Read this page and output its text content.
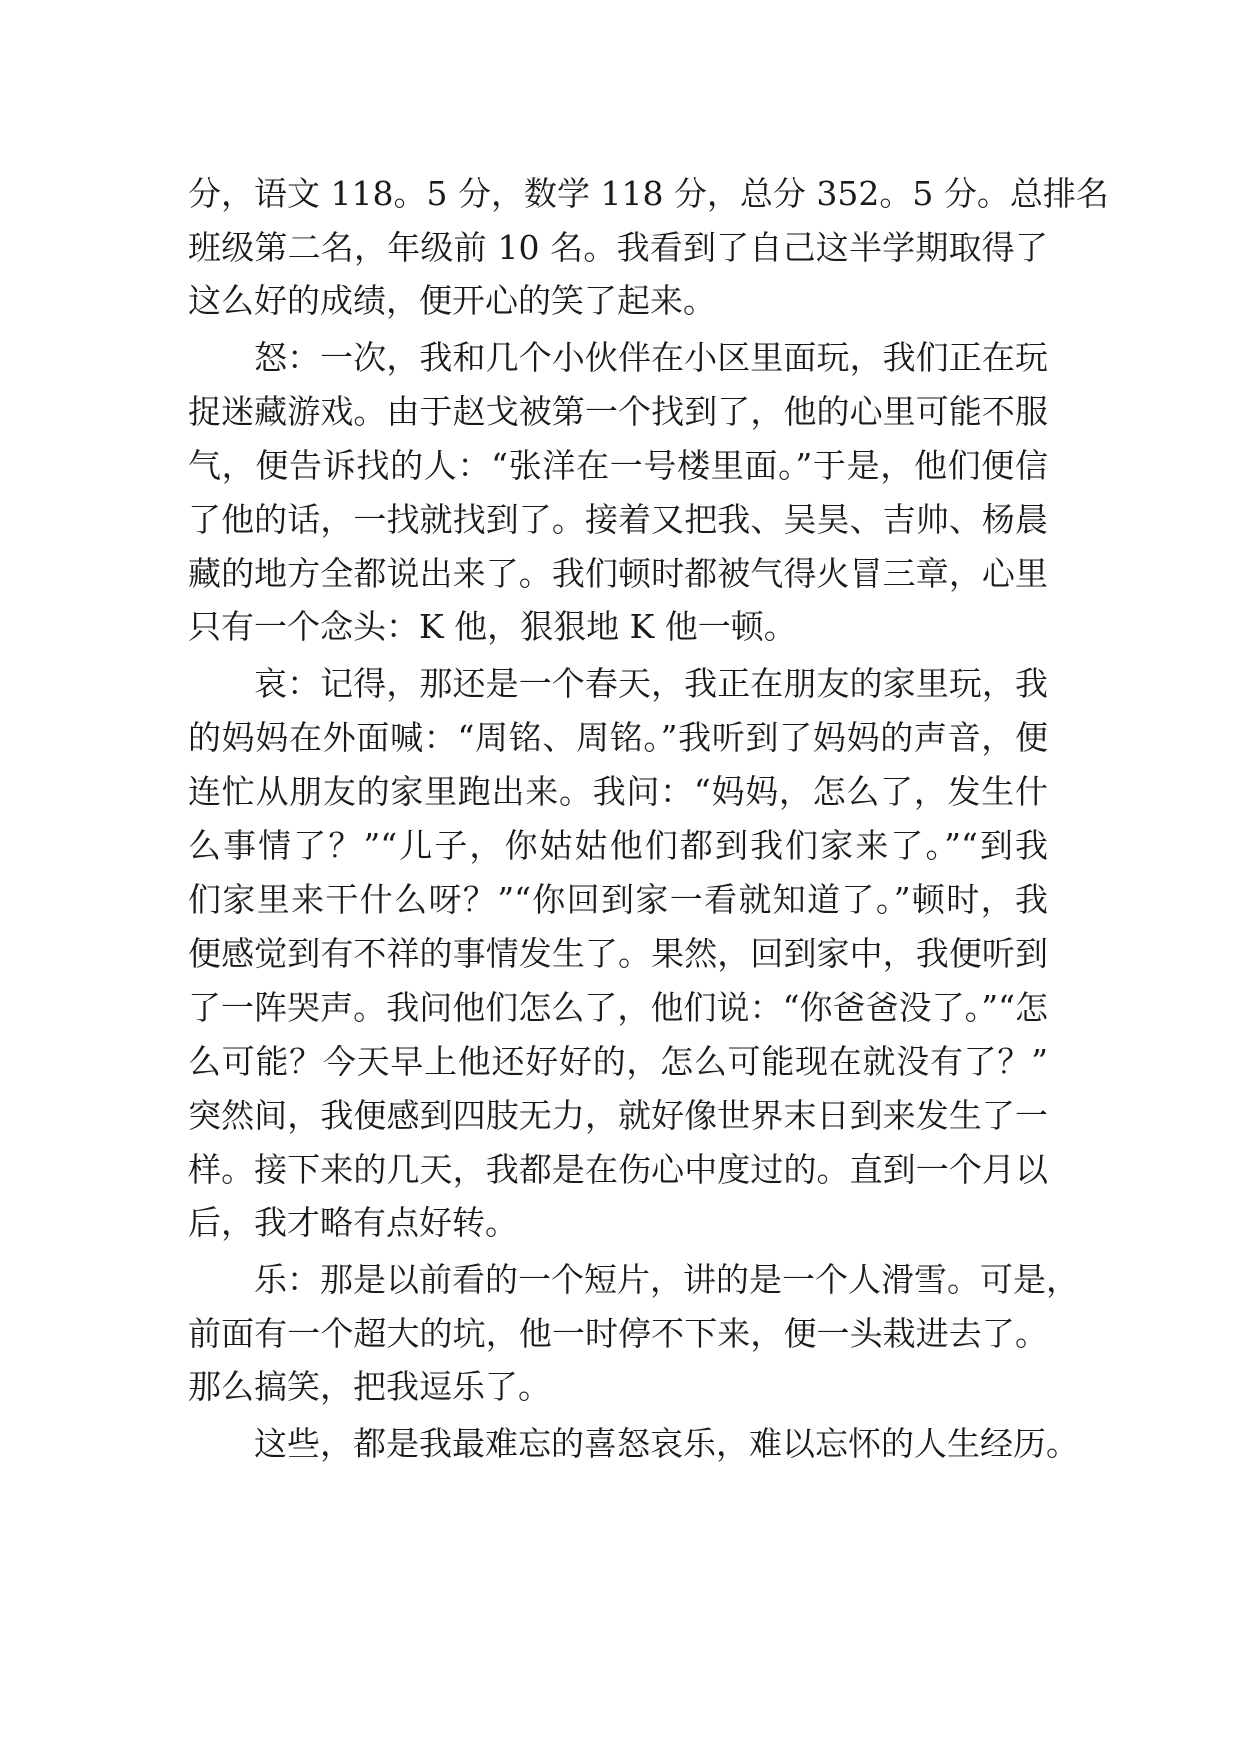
分，语文 118。5 分，数学 118 分，总分 352。5 分。总排名
班级第二名，年级前 10 名。我看到了自己这半学期取得了
这么好的成绩，便开心的笑了起来。
怒：一次，我和几个小伙伴在小区里面玩，我们正在玩
捉迷藏游戏。由于赵戈被第一个找到了，他的心里可能不服
气，便告诉找的人：“张洋在一号楼里面。”于是，他们便信
了他的话，一找就找到了。接着又把我、吴昊、吉帅、杨晨
藏的地方全都说出来了。我们顿时都被气得火冒三章，心里
只有一个念头：K 他，狠狠地 K 他一顿。
哀：记得，那还是一个春天，我正在朋友的家里玩，我
的妈妈在外面喊：“周铭、周铭。”我听到了妈妈的声音，便
连忙从朋友的家里跑出来。我问：“妈妈，怎么了，发生什
么事情了？”“儿子，你姑姑他们都到我们家来了。”“到我
们家里来干什么呀？”“你回到家一看就知道了。”顿时，我
便感觉到有不祥的事情发生了。果然，回到家中，我便听到
了一阵哭声。我问他们怎么了，他们说：“你爸爸没了。”“怎
么可能？今天早上他还好好的，怎么可能现在就没有了？”
突然间，我便感到四肢无力，就好像世界末日到来发生了一
样。接下来的几天，我都是在伤心中度过的。直到一个月以
后，我才略有点好转。
乐：那是以前看的一个短片，讲的是一个人滑雪。可是，
前面有一个超大的坑，他一时停不下来，便一头栽进去了。
那么搞笑，把我逗乐了。
这些，都是我最难忘的喜怒哀乐，难以忘怀的人生经历。
